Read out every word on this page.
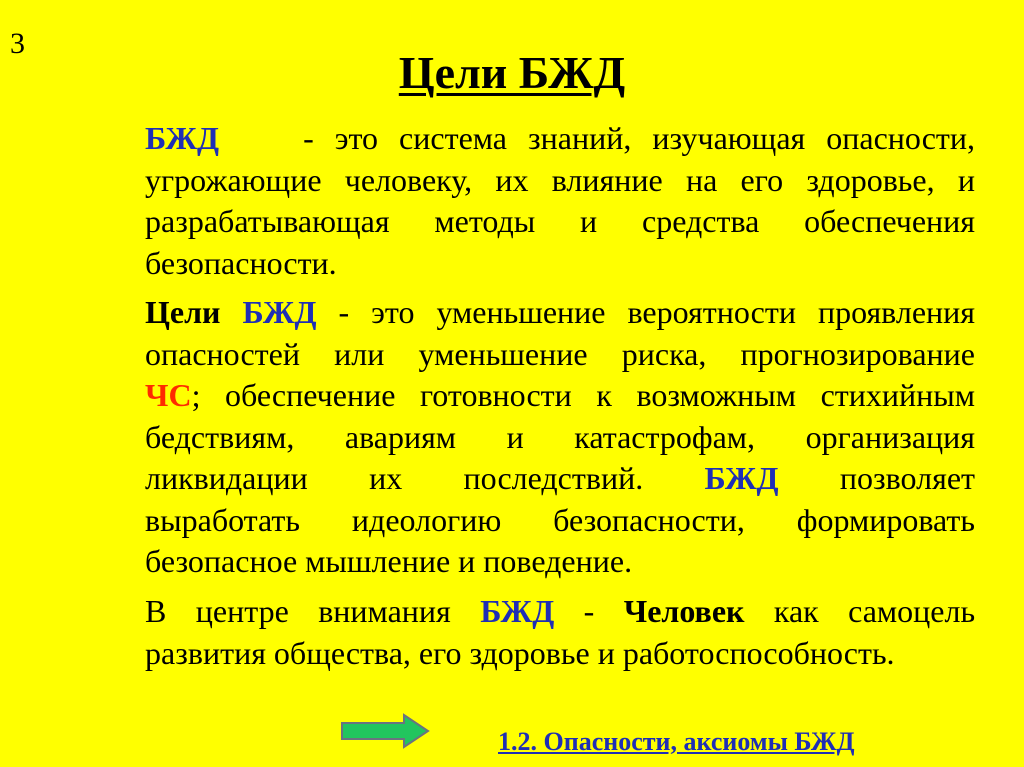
3
Цели БЖД

БЖД	- это система знаний, изучающая опасности,
угрожающие человеку, их влияние на его здоровье, и
разрабатывающая методы и средства обеспечения
безопасности.

Цели БЖД - это уменьшение вероятности проявления
опасностей или уменьшение риска, прогнозирование
ЧС; обеспечение готовности к возможным стихийным
бедствиям, авариям и катастрофам, организация
ликвидации их последствий. БЖД позволяет
выработать идеологию безопасности, формировать
безопасное мышление и поведение.

В центре внимания БЖД - Человек как самоцель
развития общества, его здоровье и работоспособность.

1.2. Опасности, аксиомы БЖД
